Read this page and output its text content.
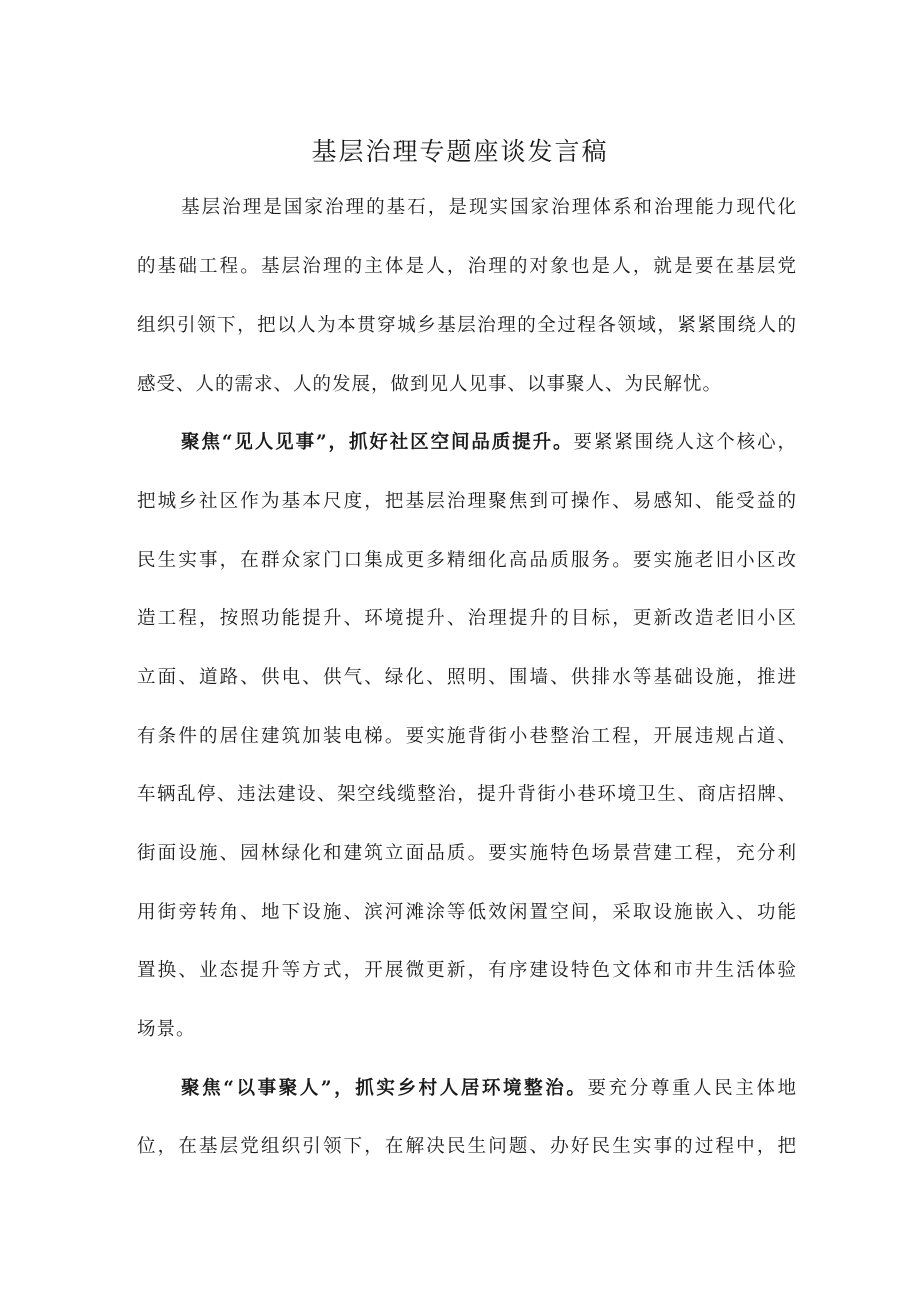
基层治理专题座谈发言稿

基层治理是国家治理的基石，是现实国家治理体系和治理能力现代化

的基础工程。基层治理的主体是人，治理的对象也是人，就是要在基层党

组织引领下，把以人为本贯穿城乡基层治理的全过程各领域，紧紧围绕人的

感受、人的需求、人的发展，做到见人见事、以事聚人、为民解忧。

聚焦“见人见事”，抓好社区空间品质提升。要紧紧围绕人这个核心，

把城乡社区作为基本尺度，把基层治理聚焦到可操作、易感知、能受益的

民生实事，在群众家门口集成更多精细化高品质服务。要实施老旧小区改

造工程，按照功能提升、环境提升、治理提升的目标，更新改造老旧小区

立面、道路、供电、供气、绿化、照明、围墙、供排水等基础设施，推进

有条件的居住建筑加装电梯。要实施背街小巷整治工程，开展违规占道、

车辆乱停、违法建设、架空线缆整治，提升背街小巷环境卫生、商店招牌、

街面设施、园林绿化和建筑立面品质。要实施特色场景营建工程，充分利

用街旁转角、地下设施、滨河滩涂等低效闲置空间，采取设施嵌入、功能

置换、业态提升等方式，开展微更新，有序建设特色文体和市井生活体验

场景。

聚焦“以事聚人”，抓实乡村人居环境整治。要充分尊重人民主体地

位，在基层党组织引领下，在解决民生问题、办好民生实事的过程中，把
